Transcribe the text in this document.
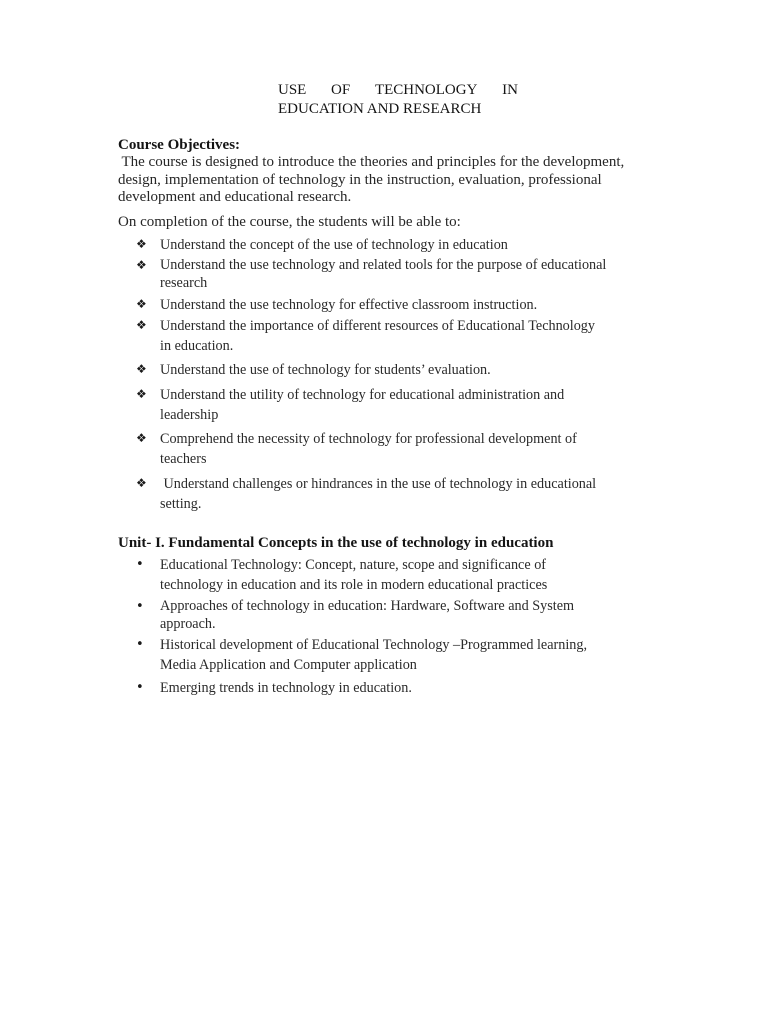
USE OF TECHNOLOGY IN
EDUCATION AND RESEARCH
Course Objectives:
The course is designed to introduce the theories and principles for the development,
design, implementation of technology in the instruction, evaluation, professional
development and educational research.
On completion of the course, the students will be able to:
❖ Understand the concept of the use of technology in education
❖ Understand the use technology and related tools for the purpose of educational
research
❖ Understand the use technology for effective classroom instruction.
❖ Understand the importance of different resources of Educational Technology
in education.
❖ Understand the use of technology for students’ evaluation.
❖ Understand the utility of technology for educational administration and
leadership
❖ Comprehend the necessity of technology for professional development of
teachers
❖ Understand challenges or hindrances in the use of technology in educational
setting.
Unit- I. Fundamental Concepts in the use of technology in education
•	Educational Technology: Concept, nature, scope and significance of
technology in education and its role in modern educational practices
•	Approaches of technology in education: Hardware, Software and System
approach.
•	Historical development of Educational Technology –Programmed learning,
Media Application and Computer application
•	Emerging trends in technology in education.
